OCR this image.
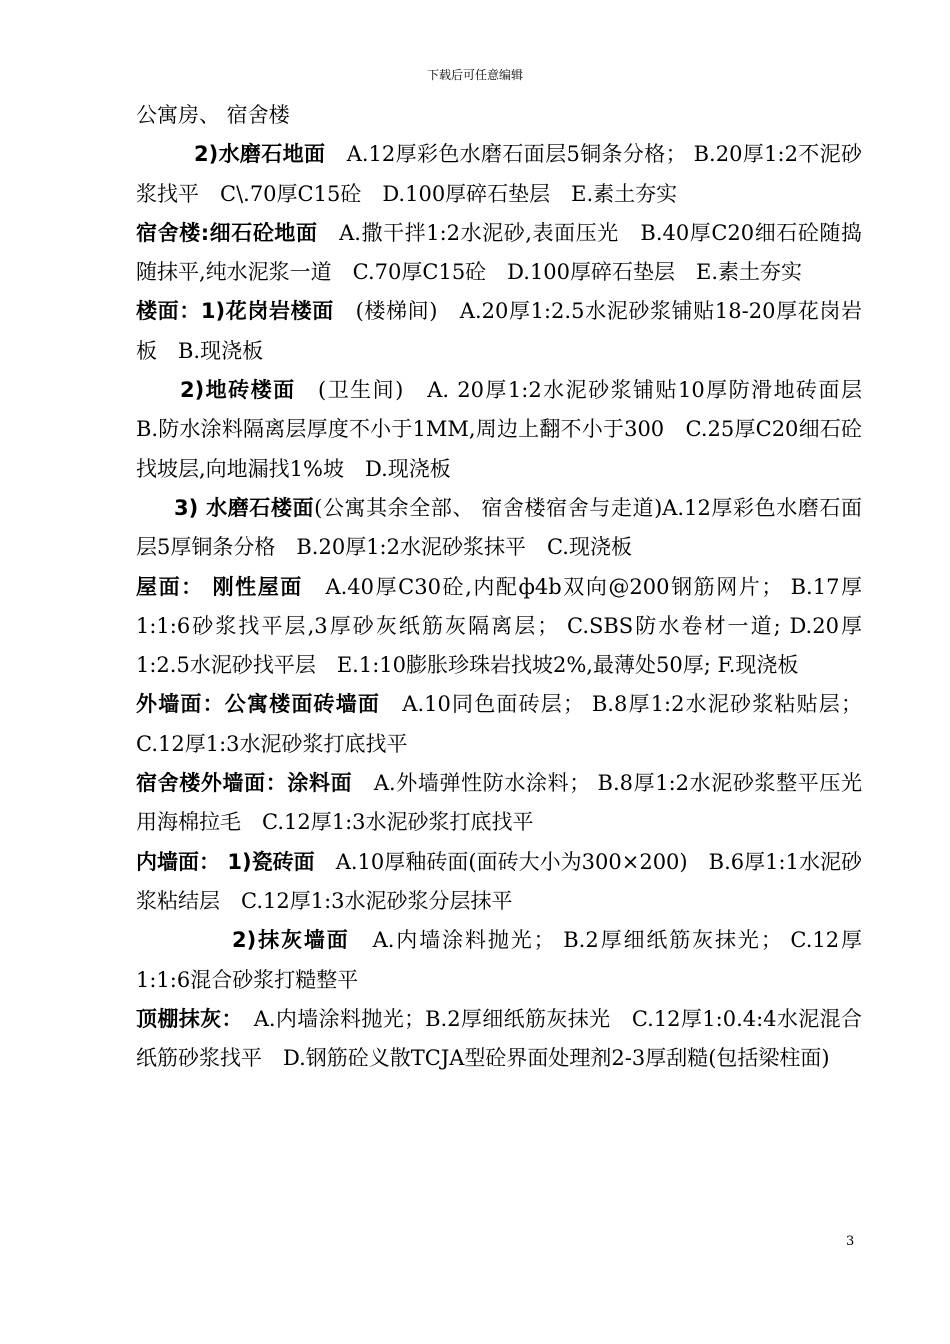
下载后可任意编辑

公寓房、 宿舍楼

2)水磨石地面　A.12厚彩色水磨石面层5铜条分格； B.20厚1:2不泥砂浆找平　C\.70厚C15砼　D.100厚碎石垫层　E.素土夯实

宿舍楼:细石砼地面　A.撒干拌1:2水泥砂,表面压光　B.40厚C20细石砼随捣随抹平,纯水泥浆一道　C.70厚C15砼　D.100厚碎石垫层　E.素土夯实

楼面：1)花岗岩楼面　(楼梯间)　A.20厚1:2.5水泥砂浆铺贴18-20厚花岗岩板　B.现浇板

2)地砖楼面　(卫生间)　A. 20厚1:2水泥砂浆铺贴10厚防滑地砖面层　B.防水涂料隔离层厚度不小于1MM,周边上翻不小于300　C.25厚C20细石砼找坡层,向地漏找1%坡　D.现浇板

3) 水磨石楼面(公寓其余全部、 宿舍楼宿舍与走道)A.12厚彩色水磨石面层5厚铜条分格　B.20厚1:2水泥砂浆抹平　C.现浇板

屋面： 刚性屋面　A.40厚C30砼,内配ф4b双向@200钢筋网片； B.17厚1:1:6砂浆找平层,3厚砂灰纸筋灰隔离层； C.SBS防水卷材一道; D.20厚1:2.5水泥砂找平层　E.1:10膨胀珍珠岩找坡2%,最薄处50厚; F.现浇板

外墙面：公寓楼面砖墙面　A.10同色面砖层； B.8厚1:2水泥砂浆粘贴层； C.12厚1:3水泥砂浆打底找平

宿舍楼外墙面：涂料面　A.外墙弹性防水涂料； B.8厚1:2水泥砂浆整平压光用海棉拉毛　C.12厚1:3水泥砂浆打底找平

内墙面： 1)瓷砖面　A.10厚釉砖面(面砖大小为300×200)　B.6厚1:1水泥砂浆粘结层　C.12厚1:3水泥砂浆分层抹平

2)抹灰墙面　A.内墙涂料抛光； B.2厚细纸筋灰抹光； C.12厚1:1:6混合砂浆打糙整平

顶棚抹灰：　A.内墙涂料抛光；B.2厚细纸筋灰抹光　C.12厚1:0.4:4水泥混合纸筋砂浆找平　D.钢筋砼义散TCJA型砼界面处理剂2-3厚刮糙(包括梁柱面)

3
